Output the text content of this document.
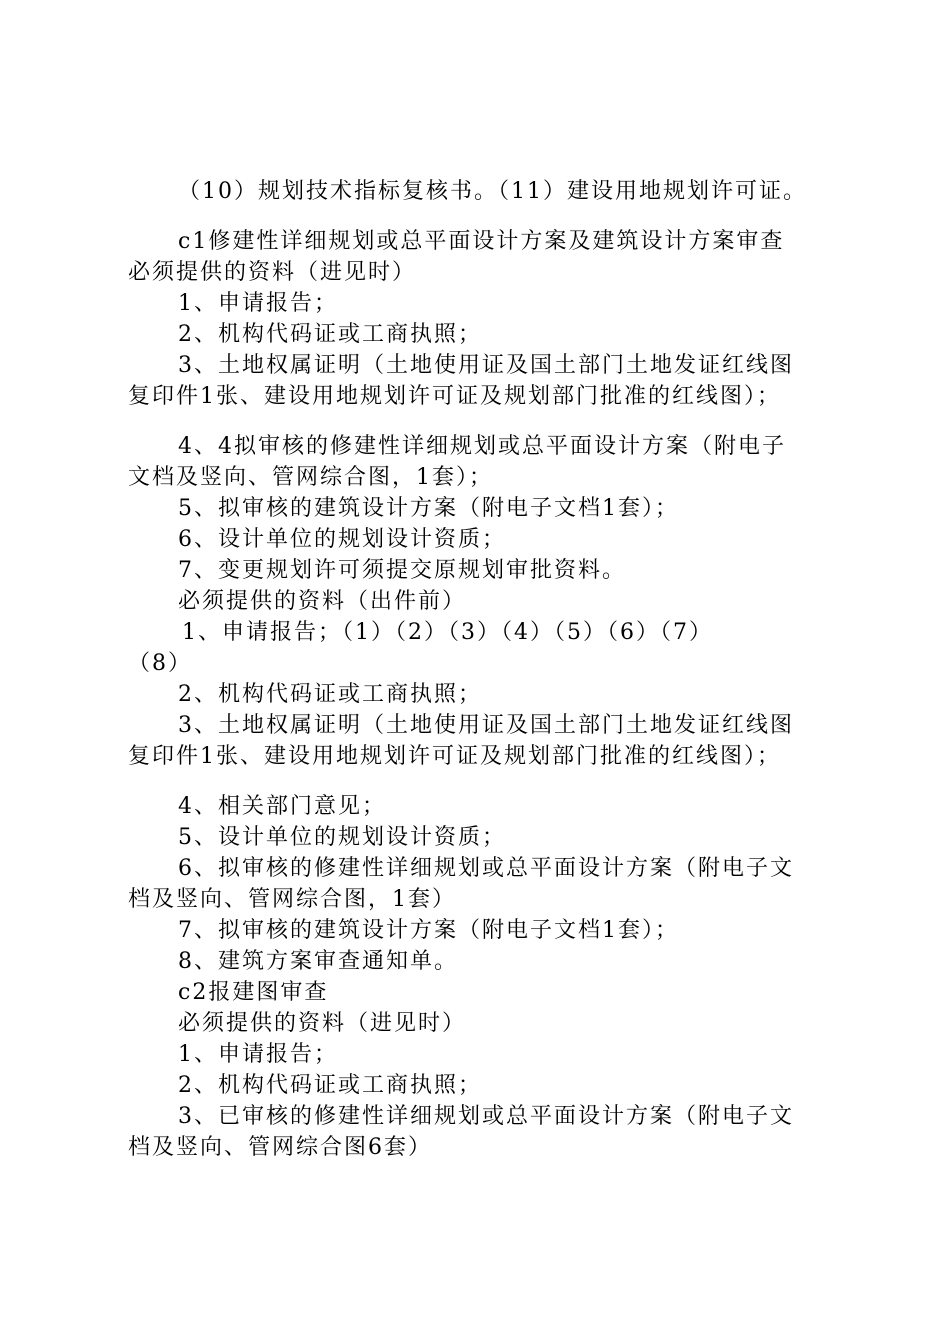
（10）规划技术指标复核书。（11）建设用地规划许可证。
c1修建性详细规划或总平面设计方案及建筑设计方案审查
必须提供的资料（进见时）
1、申请报告；
2、机构代码证或工商执照；
3、土地权属证明（土地使用证及国土部门土地发证红线图
复印件1张、建设用地规划许可证及规划部门批准的红线图）；
4、4拟审核的修建性详细规划或总平面设计方案（附电子
文档及竖向、管网综合图，1套）；
5、拟审核的建筑设计方案（附电子文档1套）；
6、设计单位的规划设计资质；
7、变更规划许可须提交原规划审批资料。
必须提供的资料（出件前）
1、申请报告；（1）（2）（3）（4）（5）（6）（7）
（8）
2、机构代码证或工商执照；
3、土地权属证明（土地使用证及国土部门土地发证红线图
复印件1张、建设用地规划许可证及规划部门批准的红线图）；
4、相关部门意见；
5、设计单位的规划设计资质；
6、拟审核的修建性详细规划或总平面设计方案（附电子文
档及竖向、管网综合图，1套）
7、拟审核的建筑设计方案（附电子文档1套）；
8、建筑方案审查通知单。
c2报建图审查
必须提供的资料（进见时）
1、申请报告；
2、机构代码证或工商执照；
3、已审核的修建性详细规划或总平面设计方案（附电子文
档及竖向、管网综合图6套）
